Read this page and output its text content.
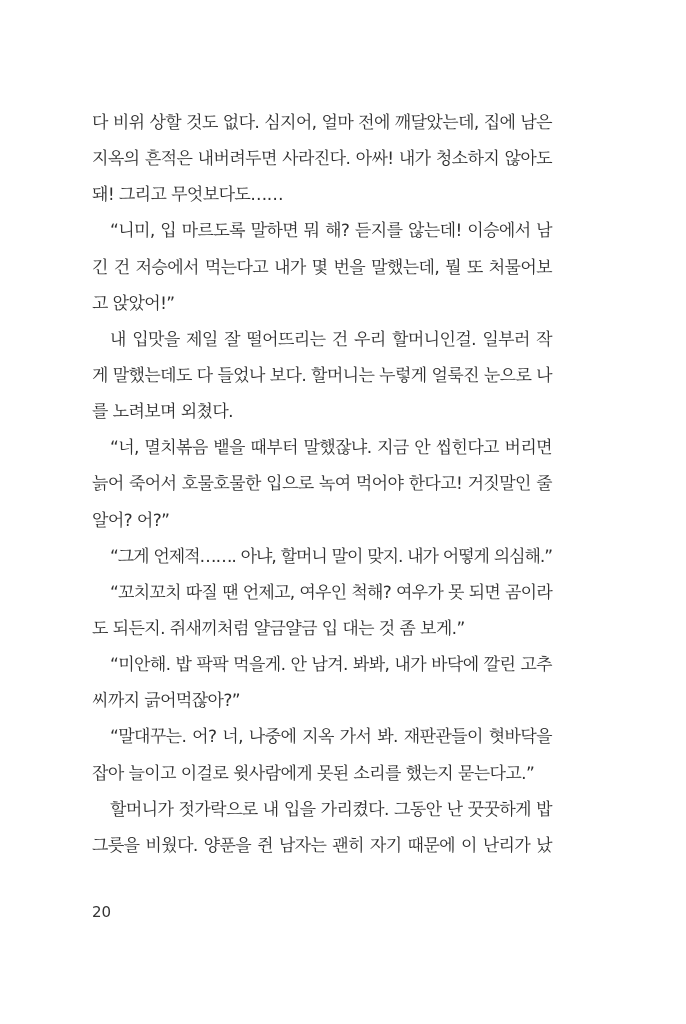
다 비위 상할 것도 없다. 심지어, 얼마 전에 깨달았는데, 집에 남은
지옥의 흔적은 내버려두면 사라진다. 아싸! 내가 청소하지 않아도
돼! 그리고 무엇보다도……
“니미, 입 마르도록 말하면 뭐 해? 듣지를 않는데! 이승에서 남
긴 건 저승에서 먹는다고 내가 몇 번을 말했는데, 뭘 또 처물어보
고 앉았어!”
내 입맛을 제일 잘 떨어뜨리는 건 우리 할머니인걸. 일부러 작
게 말했는데도 다 들었나 보다. 할머니는 누렇게 얼룩진 눈으로 나
를 노려보며 외쳤다.
“너, 멸치볶음 뱉을 때부터 말했잖냐. 지금 안 씹힌다고 버리면
늙어 죽어서 호물호물한 입으로 녹여 먹어야 한다고! 거짓말인 줄
알어? 어?”
“그게 언제적……. 아냐, 할머니 말이 맞지. 내가 어떻게 의심해.”
“꼬치꼬치 따질 땐 언제고, 여우인 척해? 여우가 못 되면 곰이라
도 되든지. 쥐새끼처럼 얄금얄금 입 대는 것 좀 보게.”
“미안해. 밥 팍팍 먹을게. 안 남겨. 봐봐, 내가 바닥에 깔린 고추
씨까지 긁어먹잖아?”
“말대꾸는. 어? 너, 나중에 지옥 가서 봐. 재판관들이 혓바닥을
잡아 늘이고 이걸로 윗사람에게 못된 소리를 했는지 묻는다고.”
할머니가 젓가락으로 내 입을 가리켰다. 그동안 난 꿋꿋하게 밥
그릇을 비웠다. 양푼을 쥔 남자는 괜히 자기 때문에 이 난리가 났
20
